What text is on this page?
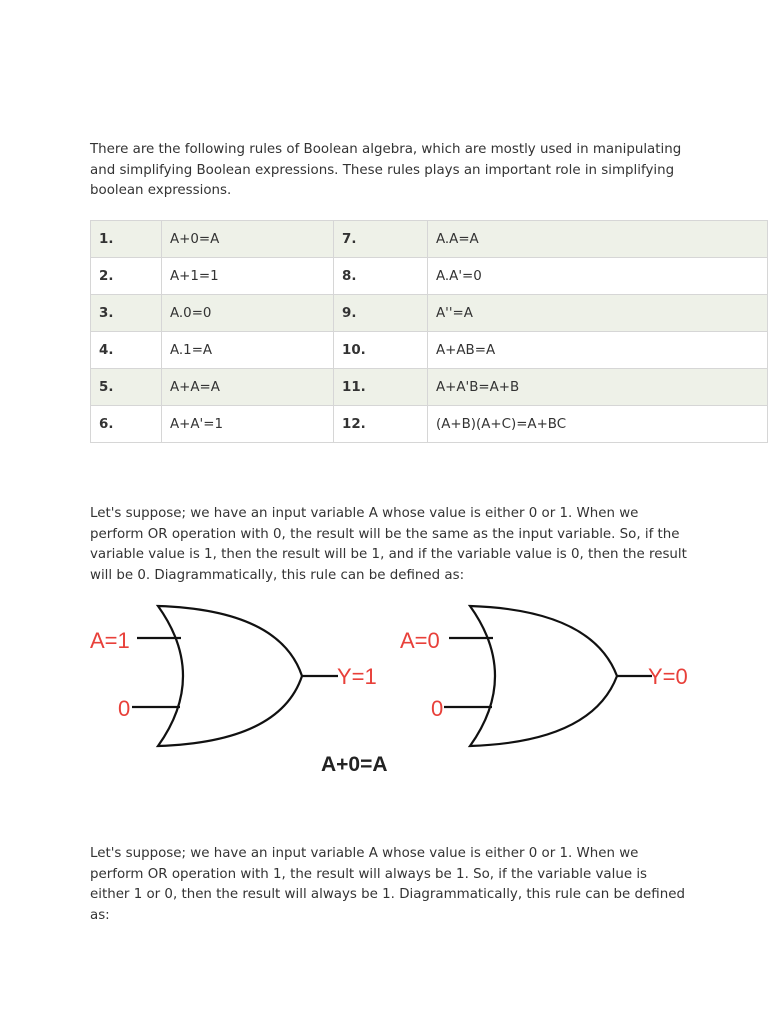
There are the following rules of Boolean algebra, which are mostly used in manipulating and simplifying Boolean expressions. These rules plays an important role in simplifying boolean expressions.

1.	A+0=A	7.	A.A=A
2.	A+1=1	8.	A.A'=0
3.	A.0=0	9.	A''=A
4.	A.1=A	10.	A+AB=A
5.	A+A=A	11.	A+A'B=A+B
6.	A+A'=1	12.	(A+B)(A+C)=A+BC

Let's suppose; we have an input variable A whose value is either 0 or 1. When we perform OR operation with 0, the result will be the same as the input variable. So, if the variable value is 1, then the result will be 1, and if the variable value is 0, then the result will be 0. Diagrammatically, this rule can be defined as:

A=1
0
Y=1
A=0
0
Y=0
A+0=A

Let's suppose; we have an input variable A whose value is either 0 or 1. When we perform OR operation with 1, the result will always be 1. So, if the variable value is either 1 or 0, then the result will always be 1. Diagrammatically, this rule can be defined as:
